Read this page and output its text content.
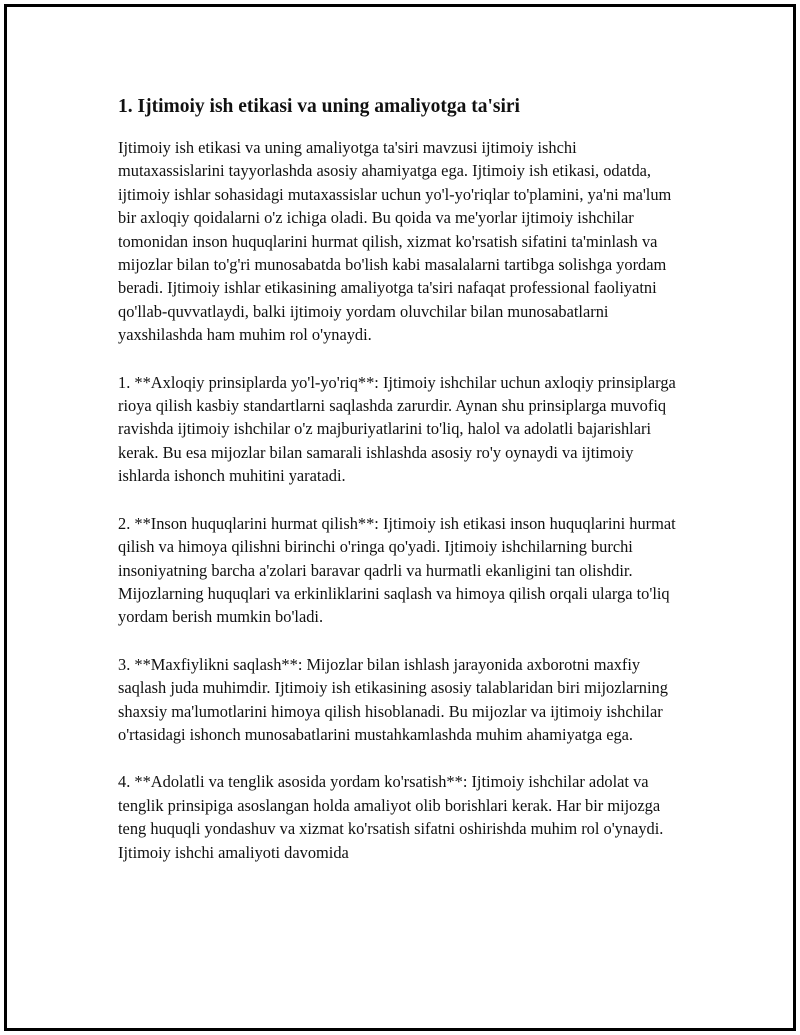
1. Ijtimoiy ish etikasi va uning amaliyotga ta'siri

Ijtimoiy ish etikasi va uning amaliyotga ta'siri mavzusi ijtimoiy ishchi mutaxassislarini tayyorlashda asosiy ahamiyatga ega. Ijtimoiy ish etikasi, odatda, ijtimoiy ishlar sohasidagi mutaxassislar uchun yo'l-yo'riqlar to'plamini, ya'ni ma'lum bir axloqiy qoidalarni o'z ichiga oladi. Bu qoida va me'yorlar ijtimoiy ishchilar tomonidan inson huquqlarini hurmat qilish, xizmat ko'rsatish sifatini ta'minlash va mijozlar bilan to'g'ri munosabatda bo'lish kabi masalalarni tartibga solishga yordam beradi. Ijtimoiy ishlar etikasining amaliyotga ta'siri nafaqat professional faoliyatni qo'llab-quvvatlaydi, balki ijtimoiy yordam oluvchilar bilan munosabatlarni yaxshilashda ham muhim rol o'ynaydi.

1. **Axloqiy prinsiplarda yo'l-yo'riq**: Ijtimoiy ishchilar uchun axloqiy prinsiplarga rioya qilish kasbiy standartlarni saqlashda zarurdir. Aynan shu prinsiplarga muvofiq ravishda ijtimoiy ishchilar o'z majburiyatlarini to'liq, halol va adolatli bajarishlari kerak. Bu esa mijozlar bilan samarali ishlashda asosiy ro'y oynaydi va ijtimoiy ishlarda ishonch muhitini yaratadi.

2. **Inson huquqlarini hurmat qilish**: Ijtimoiy ish etikasi inson huquqlarini hurmat qilish va himoya qilishni birinchi o'ringa qo'yadi. Ijtimoiy ishchilarning burchi insoniyatning barcha a'zolari baravar qadrli va hurmatli ekanligini tan olishdir. Mijozlarning huquqlari va erkinliklarini saqlash va himoya qilish orqali ularga to'liq yordam berish mumkin bo'ladi.

3. **Maxfiylikni saqlash**: Mijozlar bilan ishlash jarayonida axborotni maxfiy saqlash juda muhimdir. Ijtimoiy ish etikasining asosiy talablaridan biri mijozlarning shaxsiy ma'lumotlarini himoya qilish hisoblanadi. Bu mijozlar va ijtimoiy ishchilar o'rtasidagi ishonch munosabatlarini mustahkamlashda muhim ahamiyatga ega.

4. **Adolatli va tenglik asosida yordam ko'rsatish**: Ijtimoiy ishchilar adolat va tenglik prinsipiga asoslangan holda amaliyot olib borishlari kerak. Har bir mijozga teng huquqli yondashuv va xizmat ko'rsatish sifatni oshirishda muhim rol o'ynaydi. Ijtimoiy ishchi amaliyoti davomida
